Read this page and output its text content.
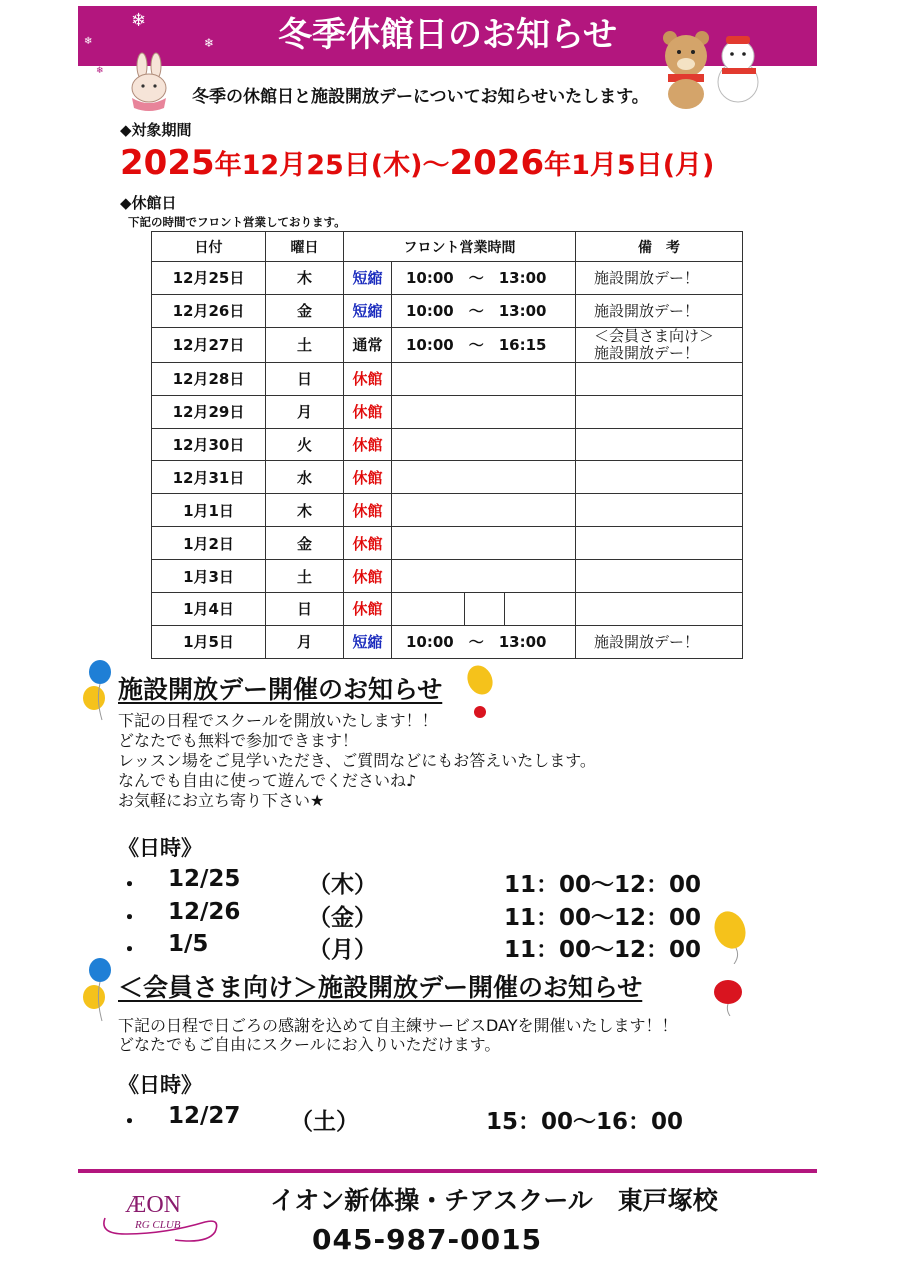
冬季休館日のお知らせ
❄
❄	❄
❄
冬季の休館日と施設開放デーについてお知らせいたします。
◆対象期間
2025年12月25日(木)～2026年1月5日(月)
◆休館日
下記の時間でフロント営業しております。
日付	曜日	フロント営業時間				備　考
12月25日	木	短縮	10:00　～　13:00			施設開放デー！
12月26日	金	短縮	10:00　～　13:00			施設開放デー！
12月27日	土	通常	10:00　～　16:15			＜会員さま向け＞
施設開放デー！

12月28日	日	休館				
12月29日	月	休館				
12月30日	火	休館				
12月31日	水	休館				
1月1日	木	休館				
1月2日	金	休館				
1月3日	土	休館				
1月4日	日	休館				
1月5日	月	短縮	10:00　～　13:00			施設開放デー！
施設開放デー開催のお知らせ
下記の日程でスクールを開放いたします！！
どなたでも無料で参加できます！
レッスン場をご見学いただき、ご質問などにもお答えいたします。
なんでも自由に使って遊んでくださいね♪
お気軽にお立ち寄り下さい★
《日時》
・ 12/25	（木）	11：00～12：00
・ 12/26	（金）	11：00～12：00
・ 1/5	（月）	11：00～12：00
＜会員さま向け＞施設開放デー開催のお知らせ
下記の日程で日ごろの感謝を込めて自主練サービスDAYを開催いたします！！
どなたでもご自由にスクールにお入りいただけます。
《日時》
・ 12/27 （土）	15：00～16：00
ÆON
RG CLUB
イオン新体操・チアスクール　東戸塚校
045-987-0015
